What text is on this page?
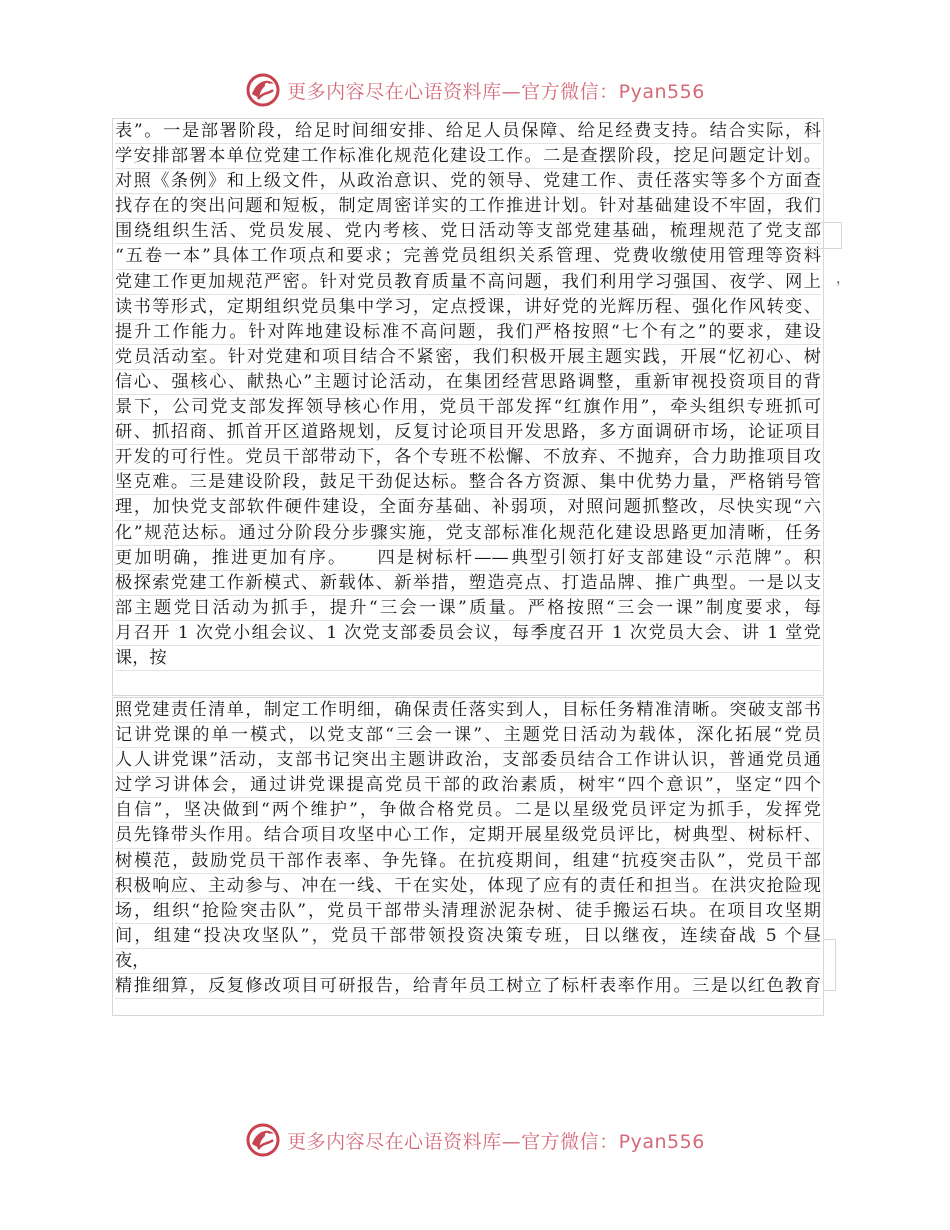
更多内容尽在心语资料库—官方微信：Pyan556
表”。一是部署阶段，给足时间细安排、给足人员保障、给足经费支持。结合实际，科
学安排部署本单位党建工作标准化规范化建设工作。二是查摆阶段，挖足问题定计划。
对照《条例》和上级文件，从政治意识、党的领导、党建工作、责任落实等多个方面查
找存在的突出问题和短板，制定周密详实的工作推进计划。针对基础建设不牢固，我们
围绕组织生活、党员发展、党内考核、党日活动等支部党建基础，梳理规范了党支部
“五卷一本”具体工作项点和要求；完善党员组织关系管理、党费收缴使用管理等资料
党建工作更加规范严密。针对党员教育质量不高问题，我们利用学习强国、夜学、网上
读书等形式，定期组织党员集中学习，定点授课，讲好党的光辉历程、强化作风转变、
提升工作能力。针对阵地建设标准不高问题，我们严格按照“七个有之”的要求，建设
党员活动室。针对党建和项目结合不紧密，我们积极开展主题实践，开展“忆初心、树
信心、强核心、献热心”主题讨论活动，在集团经营思路调整，重新审视投资项目的背
景下，公司党支部发挥领导核心作用，党员干部发挥“红旗作用”，牵头组织专班抓可
研、抓招商、抓首开区道路规划，反复讨论项目开发思路，多方面调研市场，论证项目
开发的可行性。党员干部带动下，各个专班不松懈、不放弃、不抛弃，合力助推项目攻
坚克难。三是建设阶段，鼓足干劲促达标。整合各方资源、集中优势力量，严格销号管
理，加快党支部软件硬件建设，全面夯基础、补弱项，对照问题抓整改，尽快实现“六
化”规范达标。通过分阶段分步骤实施，党支部标准化规范化建设思路更加清晰，任务
更加明确，推进更加有序。　　四是树标杆——典型引领打好支部建设“示范牌”。积
极探索党建工作新模式、新载体、新举措，塑造亮点、打造品牌、推广典型。一是以支
部主题党日活动为抓手，提升“三会一课”质量。严格按照“三会一课”制度要求，每
月召开 1 次党小组会议、1 次党支部委员会议，每季度召开 1 次党员大会、讲 1 堂党
课，按
，
照党建责任清单，制定工作明细，确保责任落实到人，目标任务精准清晰。突破支部书
记讲党课的单一模式，以党支部“三会一课”、主题党日活动为载体，深化拓展“党员
人人讲党课”活动，支部书记突出主题讲政治，支部委员结合工作讲认识，普通党员通
过学习讲体会，通过讲党课提高党员干部的政治素质，树牢“四个意识”，坚定“四个
自信”，坚决做到“两个维护”，争做合格党员。二是以星级党员评定为抓手，发挥党
员先锋带头作用。结合项目攻坚中心工作，定期开展星级党员评比，树典型、树标杆、
树模范，鼓励党员干部作表率、争先锋。在抗疫期间，组建“抗疫突击队”，党员干部
积极响应、主动参与、冲在一线、干在实处，体现了应有的责任和担当。在洪灾抢险现
场，组织“抢险突击队”，党员干部带头清理淤泥杂树、徒手搬运石块。在项目攻坚期
间，组建“投决攻坚队”，党员干部带领投资决策专班，日以继夜，连续奋战 5 个昼
夜，
精推细算，反复修改项目可研报告，给青年员工树立了标杆表率作用。三是以红色教育
更多内容尽在心语资料库—官方微信：Pyan556
